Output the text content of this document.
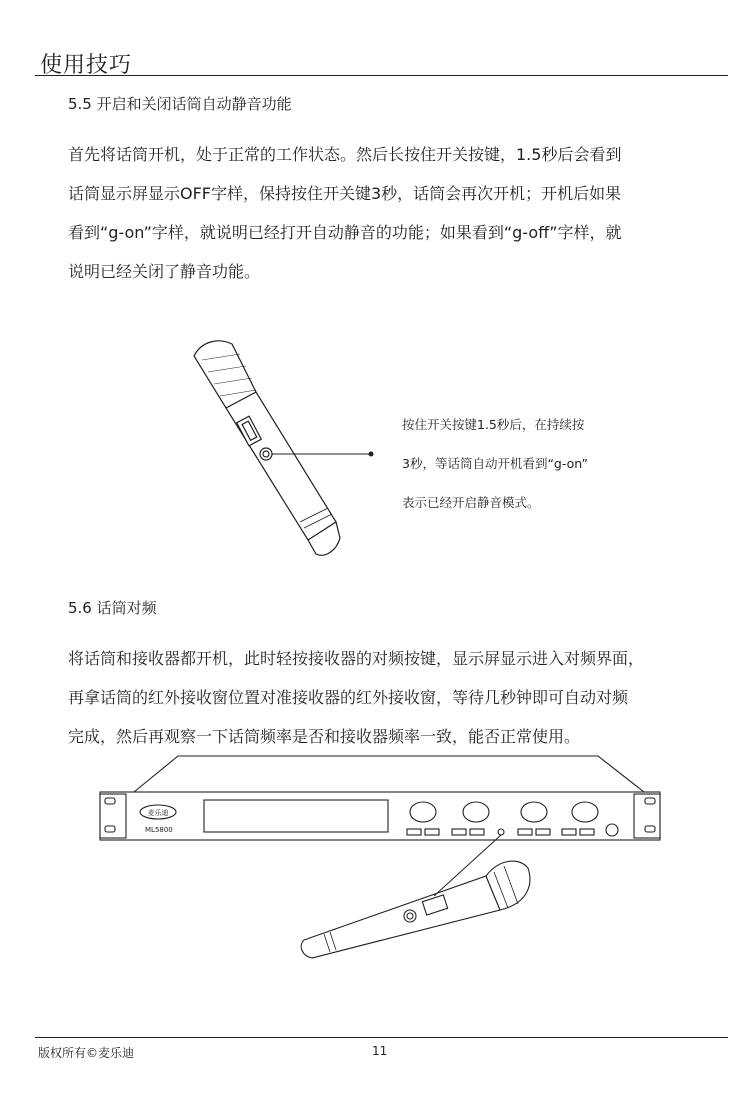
使用技巧
5.5 开启和关闭话筒自动静音功能

首先将话筒开机，处于正常的工作状态。然后长按住开关按键，1.5秒后会看到

话筒显示屏显示OFF字样，保持按住开关键3秒，话筒会再次开机；开机后如果

看到“g-on”字样，就说明已经打开自动静音的功能；如果看到“g-off”字样，就

说明已经关闭了静音功能。

按住开关按键1.5秒后，在持续按

3秒，等话筒自动开机看到“g-on”

表示已经开启静音模式。

5.6 话筒对频

将话筒和接收器都开机，此时轻按接收器的对频按键，显示屏显示进入对频界面，

再拿话筒的红外接收窗位置对准接收器的红外接收窗，等待几秒钟即可自动对频

完成，然后再观察一下话筒频率是否和接收器频率一致，能否正常使用。

麦乐迪
ML5800
版权所有©麦乐迪	11
